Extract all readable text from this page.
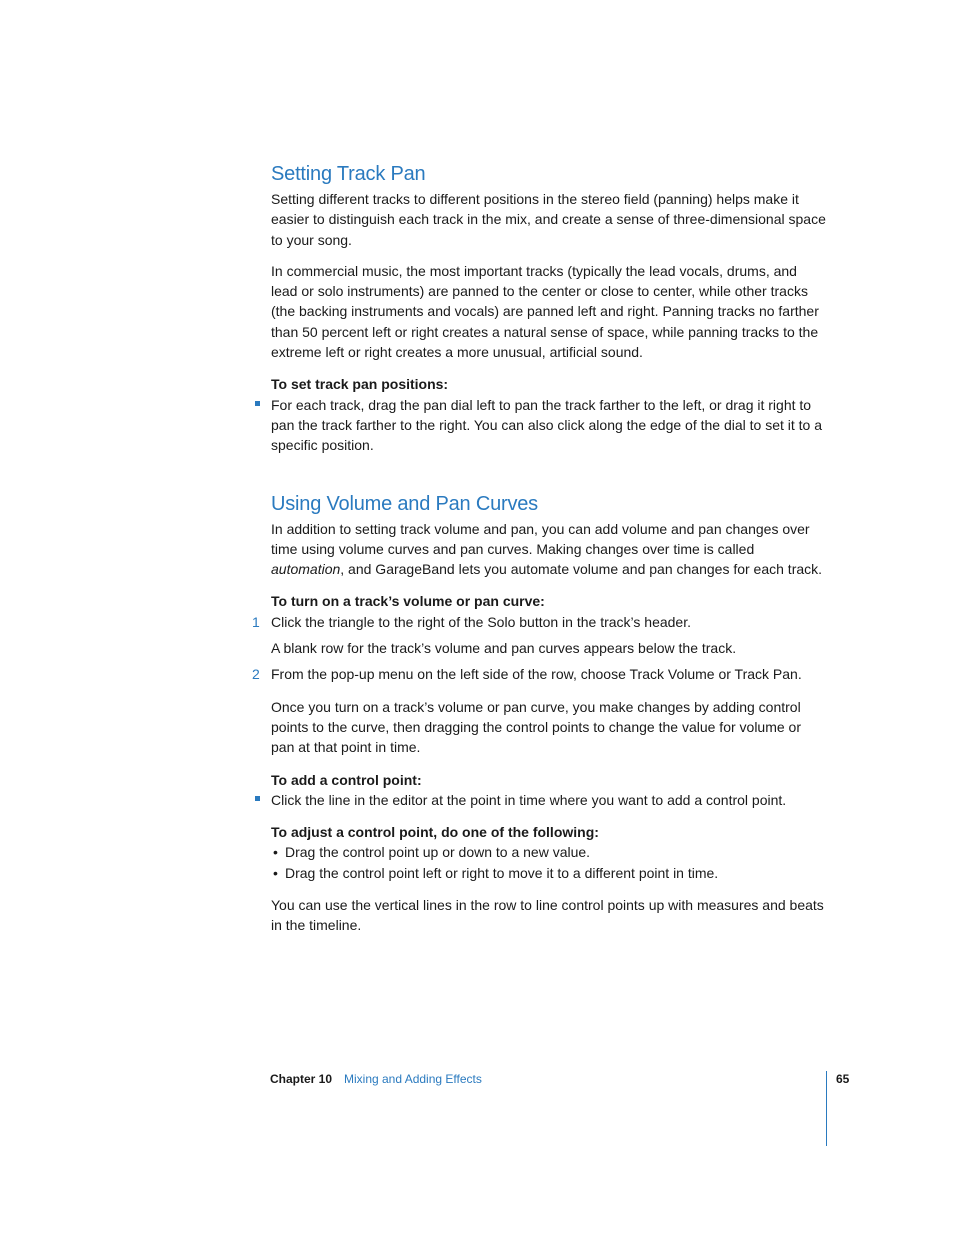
Setting Track Pan

Setting different tracks to different positions in the stereo field (panning) helps make it easier to distinguish each track in the mix, and create a sense of three-dimensional space to your song.

In commercial music, the most important tracks (typically the lead vocals, drums, and lead or solo instruments) are panned to the center or close to center, while other tracks (the backing instruments and vocals) are panned left and right. Panning tracks no farther than 50 percent left or right creates a natural sense of space, while panning tracks to the extreme left or right creates a more unusual, artificial sound.

To set track pan positions:

For each track, drag the pan dial left to pan the track farther to the left, or drag it right to pan the track farther to the right. You can also click along the edge of the dial to set it to a specific position.
Using Volume and Pan Curves

In addition to setting track volume and pan, you can add volume and pan changes over time using volume curves and pan curves. Making changes over time is called automation, and GarageBand lets you automate volume and pan changes for each track.

To turn on a track’s volume or pan curve:

1 Click the triangle to the right of the Solo button in the track’s header.

A blank row for the track’s volume and pan curves appears below the track.

2 From the pop-up menu on the left side of the row, choose Track Volume or Track Pan.

Once you turn on a track’s volume or pan curve, you make changes by adding control points to the curve, then dragging the control points to change the value for volume or pan at that point in time.

To add a control point:

Click the line in the editor at the point in time where you want to add a control point.

To adjust a control point, do one of the following:

• Drag the control point up or down to a new value.
• Drag the control point left or right to move it to a different point in time.

You can use the vertical lines in the row to line control points up with measures and beats in the timeline.

Chapter 10 Mixing and Adding Effects	65
